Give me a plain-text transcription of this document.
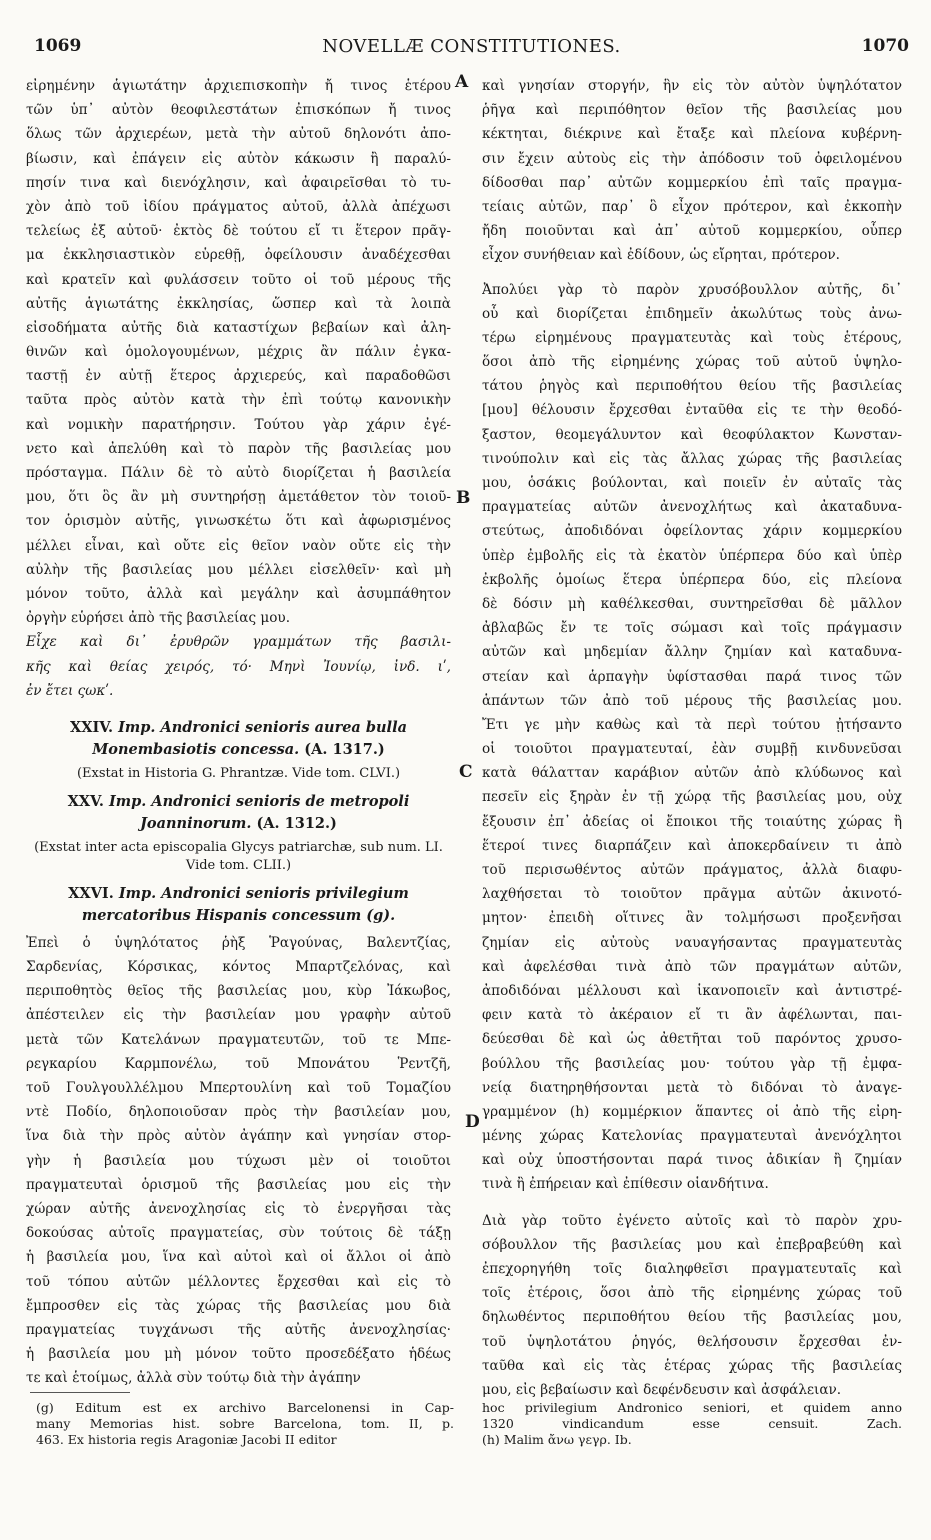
1069	NOVELLÆ CONSTITUTIONES.	1070
εἰρημένην ἁγιωτάτην ἀρχιεπισκοπὴν ἤ τινος ἑτέρου
τῶν ὑπ᾽ αὐτὸν θεοφιλεστάτων ἐπισκόπων ἤ τινος
ὅλως τῶν ἀρχιερέων, μετὰ τὴν αὐτοῦ δηλονότι ἀπο-
βίωσιν, καὶ ἐπάγειν εἰς αὐτὸν κάκωσιν ἢ παραλύ-
πησίν τινα καὶ διενόχλησιν, καὶ ἀφαιρεῖσθαι τὸ τυ-
χὸν ἀπὸ τοῦ ἰδίου πράγματος αὐτοῦ, ἀλλὰ ἀπέχωσι
τελείως ἐξ αὐτοῦ· ἐκτὸς δὲ τούτου εἴ τι ἕτερον πρᾶγ-
μα ἐκκλησιαστικὸν εὑρεθῇ, ὀφείλουσιν ἀναδέχεσθαι
καὶ κρατεῖν καὶ φυλάσσειν τοῦτο οἱ τοῦ μέρους τῆς
αὐτῆς ἁγιωτάτης ἐκκλησίας, ὥσπερ καὶ τὰ λοιπὰ
εἰσοδήματα αὐτῆς διὰ καταστίχων βεβαίων καὶ ἀλη-
θινῶν καὶ ὁμολογουμένων, μέχρις ἂν πάλιν ἐγκα-
ταστῇ ἐν αὐτῇ ἕτερος ἀρχιερεύς, καὶ παραδοθῶσι
ταῦτα πρὸς αὐτὸν κατὰ τὴν ἐπὶ τούτῳ κανονικὴν
καὶ νομικὴν παρατήρησιν. Τούτου γὰρ χάριν ἐγέ-
νετο καὶ ἀπελύθη καὶ τὸ παρὸν τῆς βασιλείας μου
πρόσταγμα. Πάλιν δὲ τὸ αὐτὸ διορίζεται ἡ βασιλεία
μου, ὅτι ὃς ἂν μὴ συντηρήσῃ ἀμετάθετον τὸν τοιοῦ-
τον ὁρισμὸν αὐτῆς, γινωσκέτω ὅτι καὶ ἀφωρισμένος
μέλλει εἶναι, καὶ οὔτε εἰς θεῖον ναὸν οὔτε εἰς τὴν
αὐλὴν τῆς βασιλείας μου μέλλει εἰσελθεῖν· καὶ μὴ
μόνον τοῦτο, ἀλλὰ καὶ μεγάλην καὶ ἀσυμπάθητον
ὀργὴν εὑρήσει ἀπὸ τῆς βασιλείας μου.
Εἶχε καὶ δι᾽ ἐρυθρῶν γραμμάτων τῆς βασιλι-
κῆς καὶ θείας χειρός, τό· Μηνὶ Ἰουνίῳ, ἰνδ. ιʹ,
ἐν ἔτει ςωκʹ.
XXIV. Imp. Andronici senioris aurea bulla Monembasiotis concessa. (A. 1317.)
(Exstat in Historia G. Phrantzæ. Vide tom. CLVI.)
XXV. Imp. Andronici senioris de metropoli Joanninorum. (A. 1312.)
(Exstat inter acta episcopalia Glycys patriarchæ, sub num. LI. Vide tom. CLII.)
XXVI. Imp. Andronici senioris privilegium mercatoribus Hispanis concessum (g).
Ἐπεὶ ὁ ὑψηλότατος ῥὴξ Ῥαγούνας, Βαλεντζίας,
Σαρδενίας, Κόρσικας, κόντος Μπαρτζελόνας, καὶ
περιποθητὸς θεῖος τῆς βασιλείας μου, κὺρ Ἰάκωβος,
ἀπέστειλεν εἰς τὴν βασιλείαν μου γραφὴν αὐτοῦ
μετὰ τῶν Κατελάνων πραγματευτῶν, τοῦ τε Μπε-
ρεγκαρίου Καρμπονέλω, τοῦ Μπονάτου Ῥεντζῆ,
τοῦ Γουλγουλλέλμου Μπερτουλίνη καὶ τοῦ Τομαζίου
ντὲ Ποδίο, δηλοποιοῦσαν πρὸς τὴν βασιλείαν μου,
ἵνα διὰ τὴν πρὸς αὐτὸν ἀγάπην καὶ γνησίαν στορ-
γὴν ἡ βασιλεία μου τύχωσι μὲν οἱ τοιοῦτοι
πραγματευταὶ ὁρισμοῦ τῆς βασιλείας μου εἰς τὴν
χώραν αὐτῆς ἀνενοχλησίας εἰς τὸ ἐνεργῆσαι τὰς
δοκούσας αὐτοῖς πραγματείας, σὺν τούτοις δὲ τάξῃ
ἡ βασιλεία μου, ἵνα καὶ αὐτοὶ καὶ οἱ ἄλλοι οἱ ἀπὸ
τοῦ τόπου αὐτῶν μέλλοντες ἔρχεσθαι καὶ εἰς τὸ
ἔμπροσθεν εἰς τὰς χώρας τῆς βασιλείας μου διὰ
πραγματείας τυγχάνωσι τῆς αὐτῆς ἀνενοχλησίας·
ἡ βασιλεία μου μὴ μόνον τοῦτο προσεδέξατο ἡδέως
τε καὶ ἑτοίμως, ἀλλὰ σὺν τούτῳ διὰ τὴν ἀγάπην
καὶ γνησίαν στοργήν, ἣν εἰς τὸν αὐτὸν ὑψηλότατον
ῥῆγα καὶ περιπόθητον θεῖον τῆς βασιλείας μου
κέκτηται, διέκρινε καὶ ἔταξε καὶ πλείονα κυβέρνη-
σιν ἔχειν αὐτοὺς εἰς τὴν ἀπόδοσιν τοῦ ὀφειλομένου
δίδοσθαι παρ᾽ αὐτῶν κομμερκίου ἐπὶ ταῖς πραγμα-
τείαις αὐτῶν, παρ᾽ ὃ εἶχον πρότερον, καὶ ἐκκοπὴν
ἤδη ποιοῦνται καὶ ἀπ᾽ αὐτοῦ κομμερκίου, οὗπερ
εἶχον συνήθειαν καὶ ἐδίδουν, ὡς εἴρηται, πρότερον.
Ἀπολύει γὰρ τὸ παρὸν χρυσόβουλλον αὐτῆς, δι᾽
οὗ καὶ διορίζεται ἐπιδημεῖν ἀκωλύτως τοὺς ἀνω-
τέρω εἰρημένους πραγματευτὰς καὶ τοὺς ἑτέρους,
ὅσοι ἀπὸ τῆς εἰρημένης χώρας τοῦ αὐτοῦ ὑψηλο-
τάτου ῥηγὸς καὶ περιποθήτου θείου τῆς βασιλείας
[μου] θέλουσιν ἔρχεσθαι ἐνταῦθα εἰς τε τὴν θεοδό-
ξαστον, θεομεγάλυντον καὶ θεοφύλακτον Κωνσταν-
τινούπολιν καὶ εἰς τὰς ἄλλας χώρας τῆς βασιλείας
μου, ὁσάκις βούλονται, καὶ ποιεῖν ἐν αὐταῖς τὰς
πραγματείας αὐτῶν ἀνενοχλήτως καὶ ἀκαταδυνα-
στεύτως, ἀποδιδόναι ὀφείλοντας χάριν κομμερκίου
ὑπὲρ ἐμβολῆς εἰς τὰ ἑκατὸν ὑπέρπερα δύο καὶ ὑπὲρ
ἐκβολῆς ὁμοίως ἕτερα ὑπέρπερα δύο, εἰς πλείονα
δὲ δόσιν μὴ καθέλκεσθαι, συντηρεῖσθαι δὲ μᾶλλον
ἀβλαβῶς ἔν τε τοῖς σώμασι καὶ τοῖς πράγμασιν
αὐτῶν καὶ μηδεμίαν ἄλλην ζημίαν καὶ καταδυνα-
στείαν καὶ ἁρπαγὴν ὑφίστασθαι παρά τινος τῶν
ἁπάντων τῶν ἀπὸ τοῦ μέρους τῆς βασιλείας μου.
Ἔτι γε μὴν καθὼς καὶ τὰ περὶ τούτου ᾐτήσαντο
οἱ τοιοῦτοι πραγματευταί, ἐὰν συμβῇ κινδυνεῦσαι
κατὰ θάλατταν καράβιον αὐτῶν ἀπὸ κλύδωνος καὶ
πεσεῖν εἰς ξηρὰν ἐν τῇ χώρᾳ τῆς βασιλείας μου, οὐχ
ἔξουσιν ἐπ᾽ ἀδείας οἱ ἔποικοι τῆς τοιαύτης χώρας ἢ
ἕτεροί τινες διαρπάζειν καὶ ἀποκερδαίνειν τι ἀπὸ
τοῦ περισωθέντος αὐτῶν πράγματος, ἀλλὰ διαφυ-
λαχθήσεται τὸ τοιοῦτον πρᾶγμα αὐτῶν ἀκινοτό-
μητον· ἐπειδὴ οἵτινες ἂν τολμήσωσι προξενῆσαι
ζημίαν εἰς αὐτοὺς ναυαγήσαντας πραγματευτὰς
καὶ ἀφελέσθαι τινὰ ἀπὸ τῶν πραγμάτων αὐτῶν,
ἀποδιδόναι μέλλουσι καὶ ἱκανοποιεῖν καὶ ἀντιστρέ-
φειν κατὰ τὸ ἀκέραιον εἴ τι ἂν ἀφέλωνται, παι-
δεύεσθαι δὲ καὶ ὡς ἀθετῆται τοῦ παρόντος χρυσο-
βούλλου τῆς βασιλείας μου· τούτου γὰρ τῇ ἐμφα-
νείᾳ διατηρηθήσονται μετὰ τὸ διδόναι τὸ ἀναγε-
γραμμένον (h) κομμέρκιον ἅπαντες οἱ ἀπὸ τῆς εἰρη-
μένης χώρας Κατελονίας πραγματευταὶ ἀνενόχλητοι
καὶ οὐχ ὑποστήσονται παρά τινος ἀδικίαν ἢ ζημίαν
τινὰ ἢ ἐπήρειαν καὶ ἐπίθεσιν οἱανδήτινα.
Διὰ γὰρ τοῦτο ἐγένετο αὐτοῖς καὶ τὸ παρὸν χρυ-
σόβουλλον τῆς βασιλείας μου καὶ ἐπεβραβεύθη καὶ
ἐπεχορηγήθη τοῖς διαληφθεῖσι πραγματευταῖς καὶ
τοῖς ἑτέροις, ὅσοι ἀπὸ τῆς εἰρημένης χώρας τοῦ
δηλωθέντος περιποθήτου θείου τῆς βασιλείας μου,
τοῦ ὑψηλοτάτου ῥηγός, θελήσουσιν ἔρχεσθαι ἐν-
ταῦθα καὶ εἰς τὰς ἑτέρας χώρας τῆς βασιλείας
μου, εἰς βεβαίωσιν καὶ δεφένδευσιν καὶ ἀσφάλειαν.
A
B
C
D
(g) Editum est ex archivo Barcelonensi in Cap-
many Memorias hist. sobre Barcelona, tom. II, p.
463. Ex historia regis Aragoniæ Jacobi II editor
hoc privilegium Andronico seniori, et quidem anno
1320 vindicandum esse censuit. Zach.
(h) Malim ἄνω γεγρ. Ib.
